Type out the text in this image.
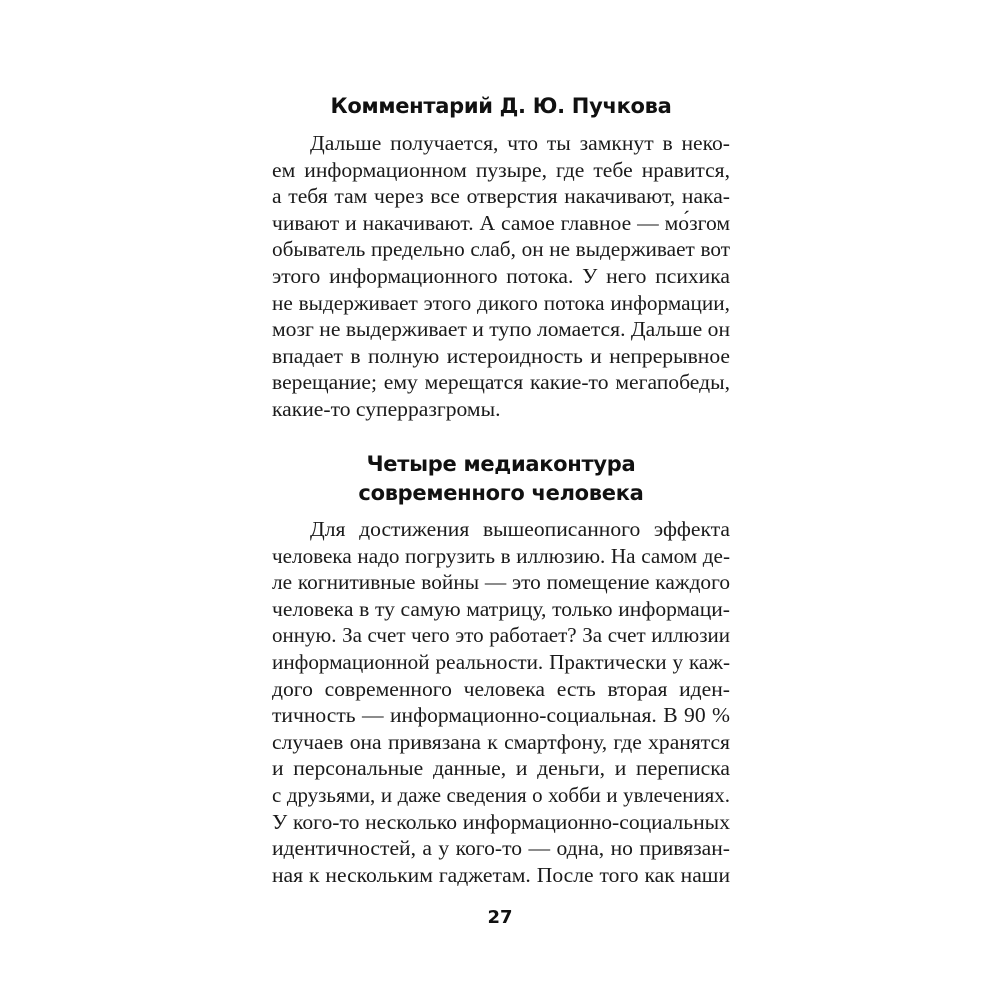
Комментарий Д. Ю. Пучкова
Дальше получается, что ты замкнут в неко-
ем информационном пузыре, где тебе нравится,
а тебя там через все отверстия накачивают, нака-
чивают и накачивают. А самое главное — мо́згом
обыватель предельно слаб, он не выдерживает вот
этого информационного потока. У него психика
не выдерживает этого дикого потока информации,
мозг не выдерживает и тупо ломается. Дальше он
впадает в полную истероидность и непрерывное
верещание; ему мерещатся какие-то мегапобеды,
какие-то суперразгромы.
Четыре медиаконтура
современного человека
Для достижения вышеописанного эффекта
человека надо погрузить в иллюзию. На самом де-
ле когнитивные войны — это помещение каждого
человека в ту самую матрицу, только информаци-
онную. За счет чего это работает? За счет иллюзии
информационной реальности. Практически у каж-
дого современного человека есть вторая иден-
тичность — информационно-социальная. В 90 %
случаев она привязана к смартфону, где хранятся
и персональные данные, и деньги, и переписка
с друзьями, и даже сведения о хобби и увлечениях.
У кого-то несколько информационно-социальных
идентичностей, а у кого-то — одна, но привязан-
ная к нескольким гаджетам. После того как наши
27
